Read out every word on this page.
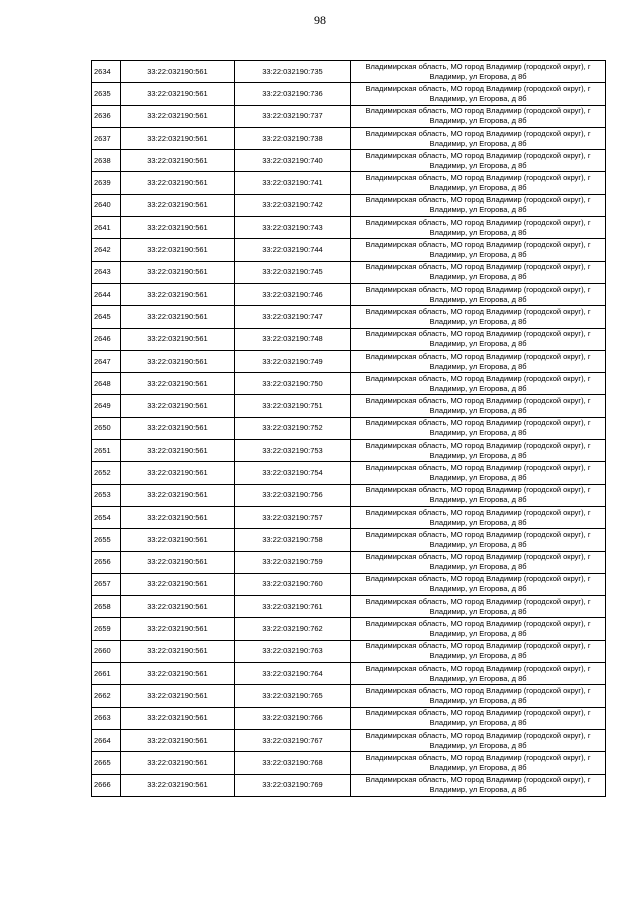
98
2634	33:22:032190:561	33:22:032190:735	Владимирская область, МО город Владимир (городской округ), г Владимир, ул Егорова, д 8б
2635	33:22:032190:561	33:22:032190:736	Владимирская область, МО город Владимир (городской округ), г Владимир, ул Егорова, д 8б
2636	33:22:032190:561	33:22:032190:737	Владимирская область, МО город Владимир (городской округ), г Владимир, ул Егорова, д 8б
2637	33:22:032190:561	33:22:032190:738	Владимирская область, МО город Владимир (городской округ), г Владимир, ул Егорова, д 8б
2638	33:22:032190:561	33:22:032190:740	Владимирская область, МО город Владимир (городской округ), г Владимир, ул Егорова, д 8б
2639	33:22:032190:561	33:22:032190:741	Владимирская область, МО город Владимир (городской округ), г Владимир, ул Егорова, д 8б
2640	33:22:032190:561	33:22:032190:742	Владимирская область, МО город Владимир (городской округ), г Владимир, ул Егорова, д 8б
2641	33:22:032190:561	33:22:032190:743	Владимирская область, МО город Владимир (городской округ), г Владимир, ул Егорова, д 8б
2642	33:22:032190:561	33:22:032190:744	Владимирская область, МО город Владимир (городской округ), г Владимир, ул Егорова, д 8б
2643	33:22:032190:561	33:22:032190:745	Владимирская область, МО город Владимир (городской округ), г Владимир, ул Егорова, д 8б
2644	33:22:032190:561	33:22:032190:746	Владимирская область, МО город Владимир (городской округ), г Владимир, ул Егорова, д 8б
2645	33:22:032190:561	33:22:032190:747	Владимирская область, МО город Владимир (городской округ), г Владимир, ул Егорова, д 8б
2646	33:22:032190:561	33:22:032190:748	Владимирская область, МО город Владимир (городской округ), г Владимир, ул Егорова, д 8б
2647	33:22:032190:561	33:22:032190:749	Владимирская область, МО город Владимир (городской округ), г Владимир, ул Егорова, д 8б
2648	33:22:032190:561	33:22:032190:750	Владимирская область, МО город Владимир (городской округ), г Владимир, ул Егорова, д 8б
2649	33:22:032190:561	33:22:032190:751	Владимирская область, МО город Владимир (городской округ), г Владимир, ул Егорова, д 8б
2650	33:22:032190:561	33:22:032190:752	Владимирская область, МО город Владимир (городской округ), г Владимир, ул Егорова, д 8б
2651	33:22:032190:561	33:22:032190:753	Владимирская область, МО город Владимир (городской округ), г Владимир, ул Егорова, д 8б
2652	33:22:032190:561	33:22:032190:754	Владимирская область, МО город Владимир (городской округ), г Владимир, ул Егорова, д 8б
2653	33:22:032190:561	33:22:032190:756	Владимирская область, МО город Владимир (городской округ), г Владимир, ул Егорова, д 8б
2654	33:22:032190:561	33:22:032190:757	Владимирская область, МО город Владимир (городской округ), г Владимир, ул Егорова, д 8б
2655	33:22:032190:561	33:22:032190:758	Владимирская область, МО город Владимир (городской округ), г Владимир, ул Егорова, д 8б
2656	33:22:032190:561	33:22:032190:759	Владимирская область, МО город Владимир (городской округ), г Владимир, ул Егорова, д 8б
2657	33:22:032190:561	33:22:032190:760	Владимирская область, МО город Владимир (городской округ), г Владимир, ул Егорова, д 8б
2658	33:22:032190:561	33:22:032190:761	Владимирская область, МО город Владимир (городской округ), г Владимир, ул Егорова, д 8б
2659	33:22:032190:561	33:22:032190:762	Владимирская область, МО город Владимир (городской округ), г Владимир, ул Егорова, д 8б
2660	33:22:032190:561	33:22:032190:763	Владимирская область, МО город Владимир (городской округ), г Владимир, ул Егорова, д 8б
2661	33:22:032190:561	33:22:032190:764	Владимирская область, МО город Владимир (городской округ), г Владимир, ул Егорова, д 8б
2662	33:22:032190:561	33:22:032190:765	Владимирская область, МО город Владимир (городской округ), г Владимир, ул Егорова, д 8б
2663	33:22:032190:561	33:22:032190:766	Владимирская область, МО город Владимир (городской округ), г Владимир, ул Егорова, д 8б
2664	33:22:032190:561	33:22:032190:767	Владимирская область, МО город Владимир (городской округ), г Владимир, ул Егорова, д 8б
2665	33:22:032190:561	33:22:032190:768	Владимирская область, МО город Владимир (городской округ), г Владимир, ул Егорова, д 8б
2666	33:22:032190:561	33:22:032190:769	Владимирская область, МО город Владимир (городской округ), г Владимир, ул Егорова, д 8б
